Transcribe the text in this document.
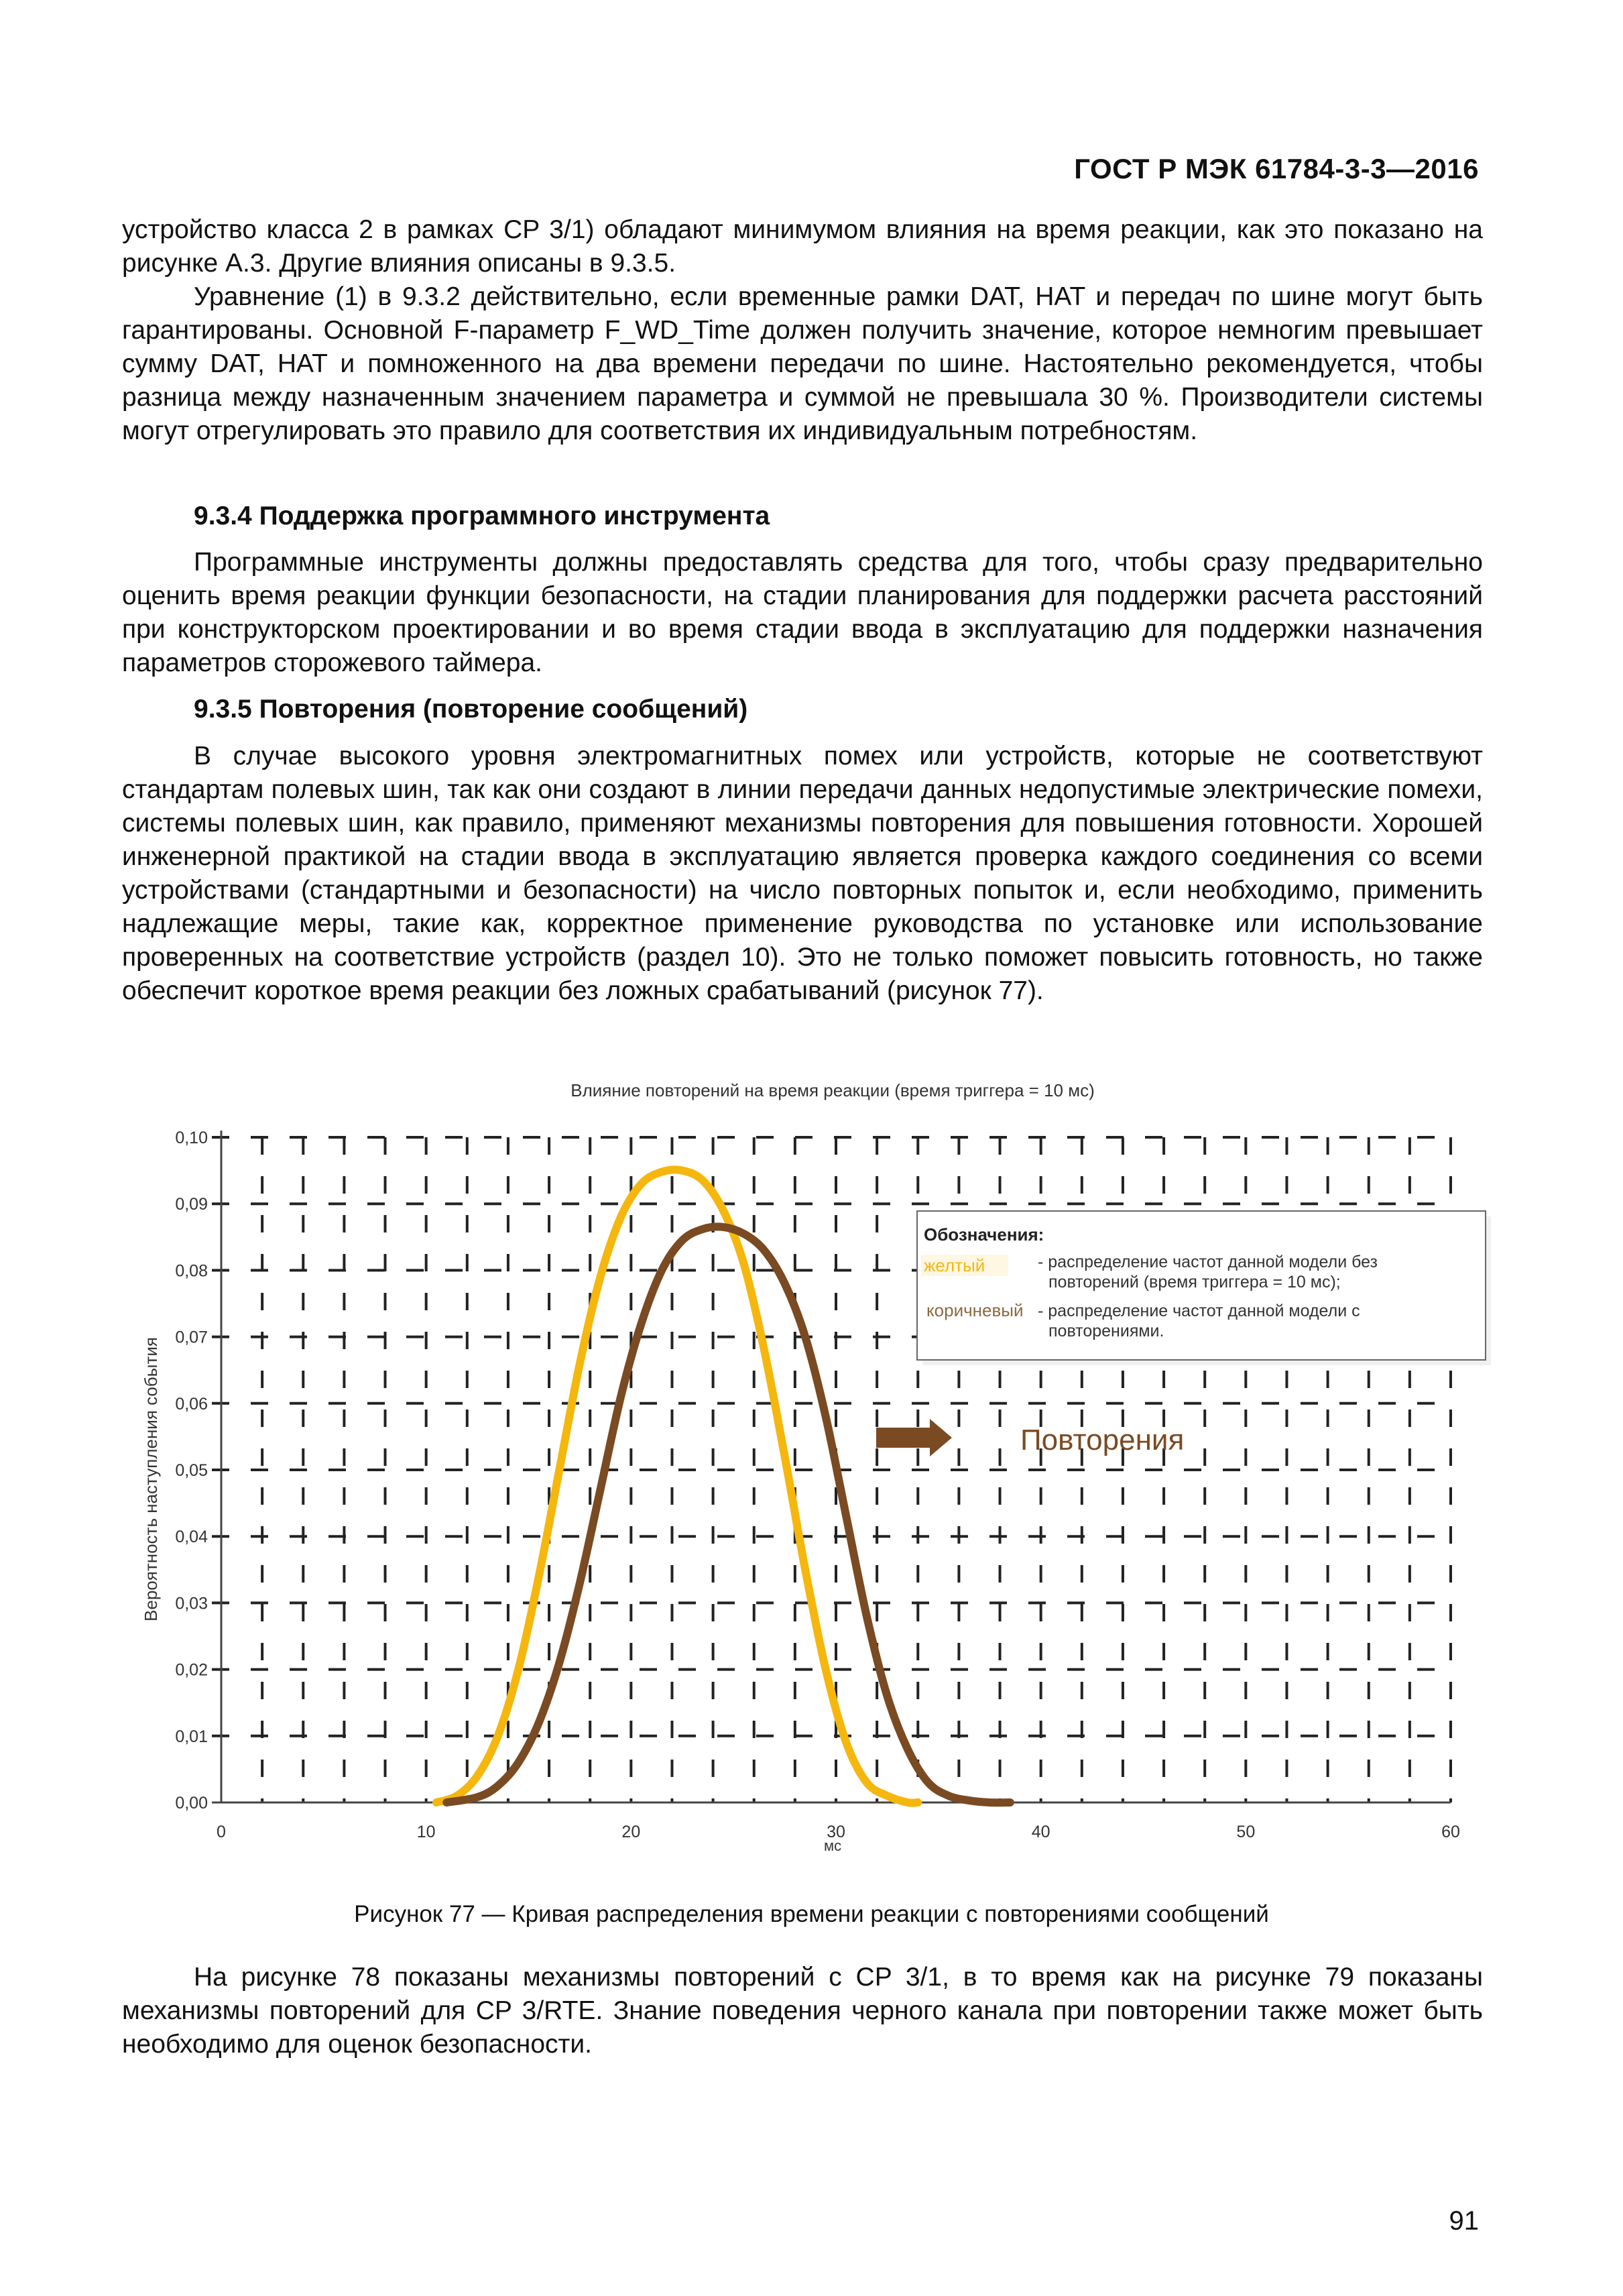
ГОСТ Р МЭК 61784-3-3—2016

устройство класса 2 в рамках CP 3/1) обладают минимумом влияния на время реакции, как это показано на рисунке А.3. Другие влияния описаны в 9.3.5.

Уравнение (1) в 9.3.2 действительно, если временные рамки DAT, HAT и передач по шине могут быть гарантированы. Основной F-параметр F_WD_Time должен получить значение, которое немногим превышает сумму DAT, HAT и помноженного на два времени передачи по шине. Настоятельно рекомендуется, чтобы разница между назначенным значением параметра и суммой не превышала 30 %. Производители системы могут отрегулировать это правило для соответствия их индивидуальным потребностям.

9.3.4 Поддержка программного инструмента

Программные инструменты должны предоставлять средства для того, чтобы сразу предварительно оценить время реакции функции безопасности, на стадии планирования для поддержки расчета расстояний при конструкторском проектировании и во время стадии ввода в эксплуатацию для поддержки назначения параметров сторожевого таймера.

9.3.5 Повторения (повторение сообщений)

В случае высокого уровня электромагнитных помех или устройств, которые не соответствуют стандартам полевых шин, так как они создают в линии передачи данных недопустимые электрические помехи, системы полевых шин, как правило, применяют механизмы повторения для повышения готовности. Хорошей инженерной практикой на стадии ввода в эксплуатацию является проверка каждого соединения со всеми устройствами (стандартными и безопасности) на число повторных попыток и, если необходимо, применить надлежащие меры, такие как, корректное применение руководства по установке или использование проверенных на соответствие устройств (раздел 10). Это не только поможет повысить готовность, но также обеспечит короткое время реакции без ложных срабатываний (рисунок 77).

Влияние повторений на время реакции (время триггера = 10 мс)
0,00
0,01
0,02
0,03
0,04
0,05
0,06
0,07
0,08
0,09
0,10
0	10	20	30	40	50	60
мс
Вероятность наступления события	Повторения
Обозначения:
желтый	- распределение частот данной модели без
повторений (время триггера = 10 мс);
коричневый - распределение частот данной модели с
повторениями.
Рисунок 77 — Кривая распределения времени реакции с повторениями сообщений

На рисунке 78 показаны механизмы повторений с CP 3/1, в то время как на рисунке 79 показаны механизмы повторений для CP 3/RTE. Знание поведения черного канала при повторении также может быть необходимо для оценок безопасности.

91
